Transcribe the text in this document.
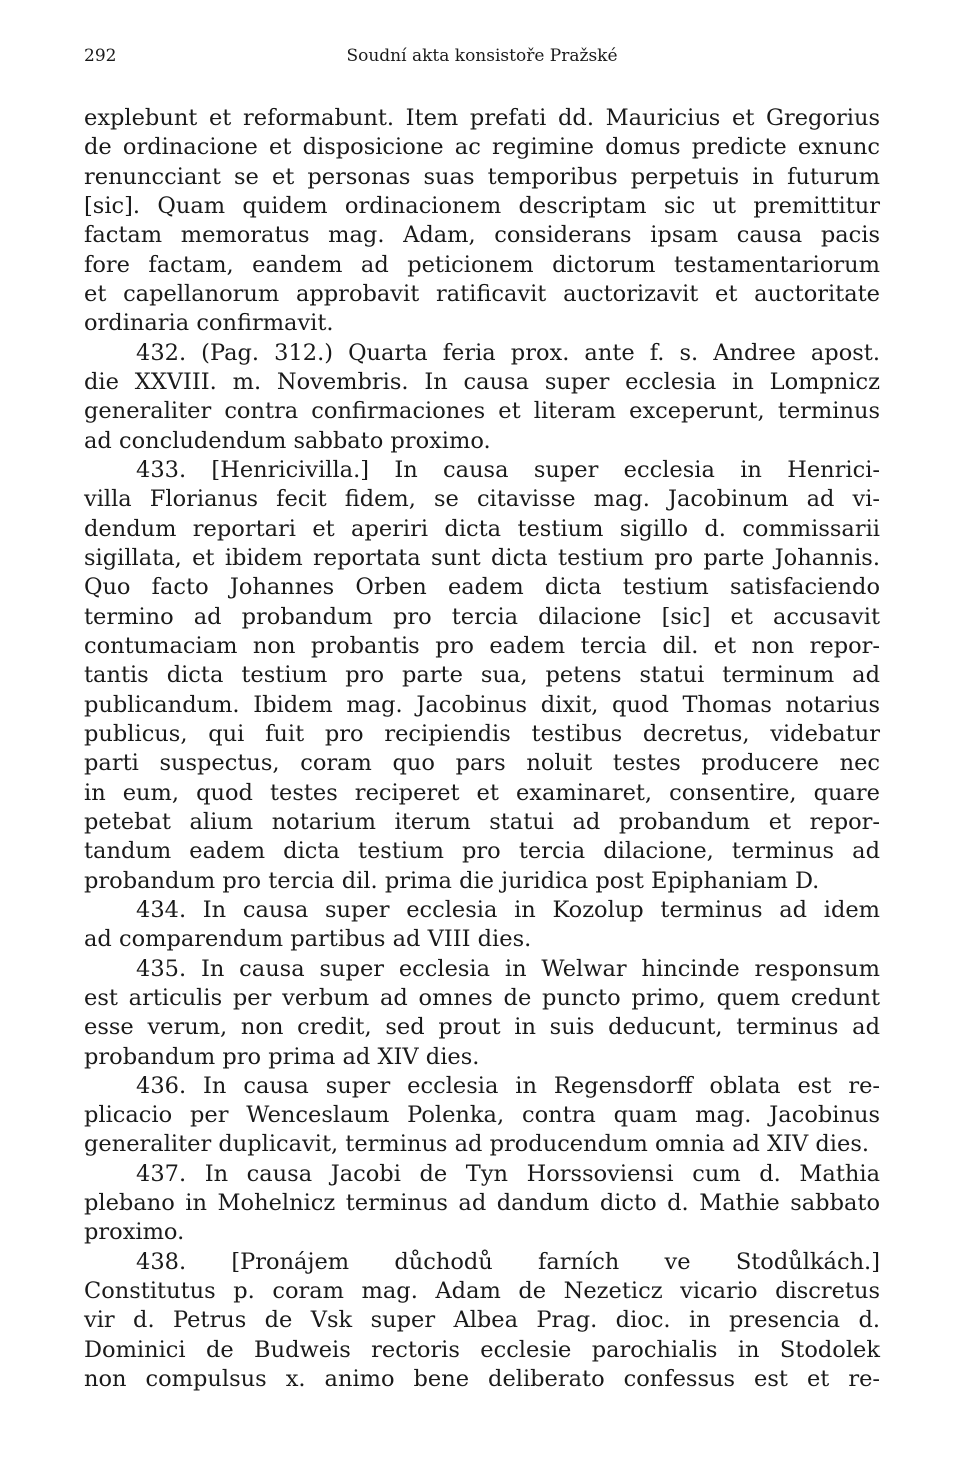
292	Soudní akta konsistoře Pražské
explebunt et reformabunt. Item prefati dd. Mauricius et Gregorius
de ordinacione et disposicione ac regimine domus predicte exnunc
renuncciant se et personas suas temporibus perpetuis in futurum
[sic]. Quam quidem ordinacionem descriptam sic ut premittitur
factam memoratus mag. Adam, considerans ipsam causa pacis
fore factam, eandem ad peticionem dictorum testamentariorum
et capellanorum approbavit ratificavit auctorizavit et auctoritate
ordinaria confirmavit.
432. (Pag. 312.) Quarta feria prox. ante f. s. Andree apost.
die XXVIII. m. Novembris. In causa super ecclesia in Lompnicz
generaliter contra confirmaciones et literam exceperunt, terminus
ad concludendum sabbato proximo.
433. [Henricivilla.] In causa super ecclesia in Henrici-
villa Florianus fecit fidem, se citavisse mag. Jacobinum ad vi-
dendum reportari et aperiri dicta testium sigillo d. commissarii
sigillata, et ibidem reportata sunt dicta testium pro parte Johannis.
Quo facto Johannes Orben eadem dicta testium satisfaciendo
termino ad probandum pro tercia dilacione [sic] et accusavit
contumaciam non probantis pro eadem tercia dil. et non repor-
tantis dicta testium pro parte sua, petens statui terminum ad
publicandum. Ibidem mag. Jacobinus dixit, quod Thomas notarius
publicus, qui fuit pro recipiendis testibus decretus, videbatur
parti suspectus, coram quo pars noluit testes producere nec
in eum, quod testes reciperet et examinaret, consentire, quare
petebat alium notarium iterum statui ad probandum et repor-
tandum eadem dicta testium pro tercia dilacione, terminus ad
probandum pro tercia dil. prima die juridica post Epiphaniam D.
434. In causa super ecclesia in Kozolup terminus ad idem
ad comparendum partibus ad VIII dies.
435. In causa super ecclesia in Welwar hincinde responsum
est articulis per verbum ad omnes de puncto primo, quem credunt
esse verum, non credit, sed prout in suis deducunt, terminus ad
probandum pro prima ad XIV dies.
436. In causa super ecclesia in Regensdorff oblata est re-
plicacio per Wenceslaum Polenka, contra quam mag. Jacobinus
generaliter duplicavit, terminus ad producendum omnia ad XIV dies.
437. In causa Jacobi de Tyn Horssoviensi cum d. Mathia
plebano in Mohelnicz terminus ad dandum dicto d. Mathie sabbato
proximo.
438. [Pronájem důchodů farních ve Stodůlkách.]
Constitutus p. coram mag. Adam de Nezeticz vicario discretus
vir d. Petrus de Vsk super Albea Prag. dioc. in presencia d.
Dominici de Budweis rectoris ecclesie parochialis in Stodolek
non compulsus x. animo bene deliberato confessus est et re-
